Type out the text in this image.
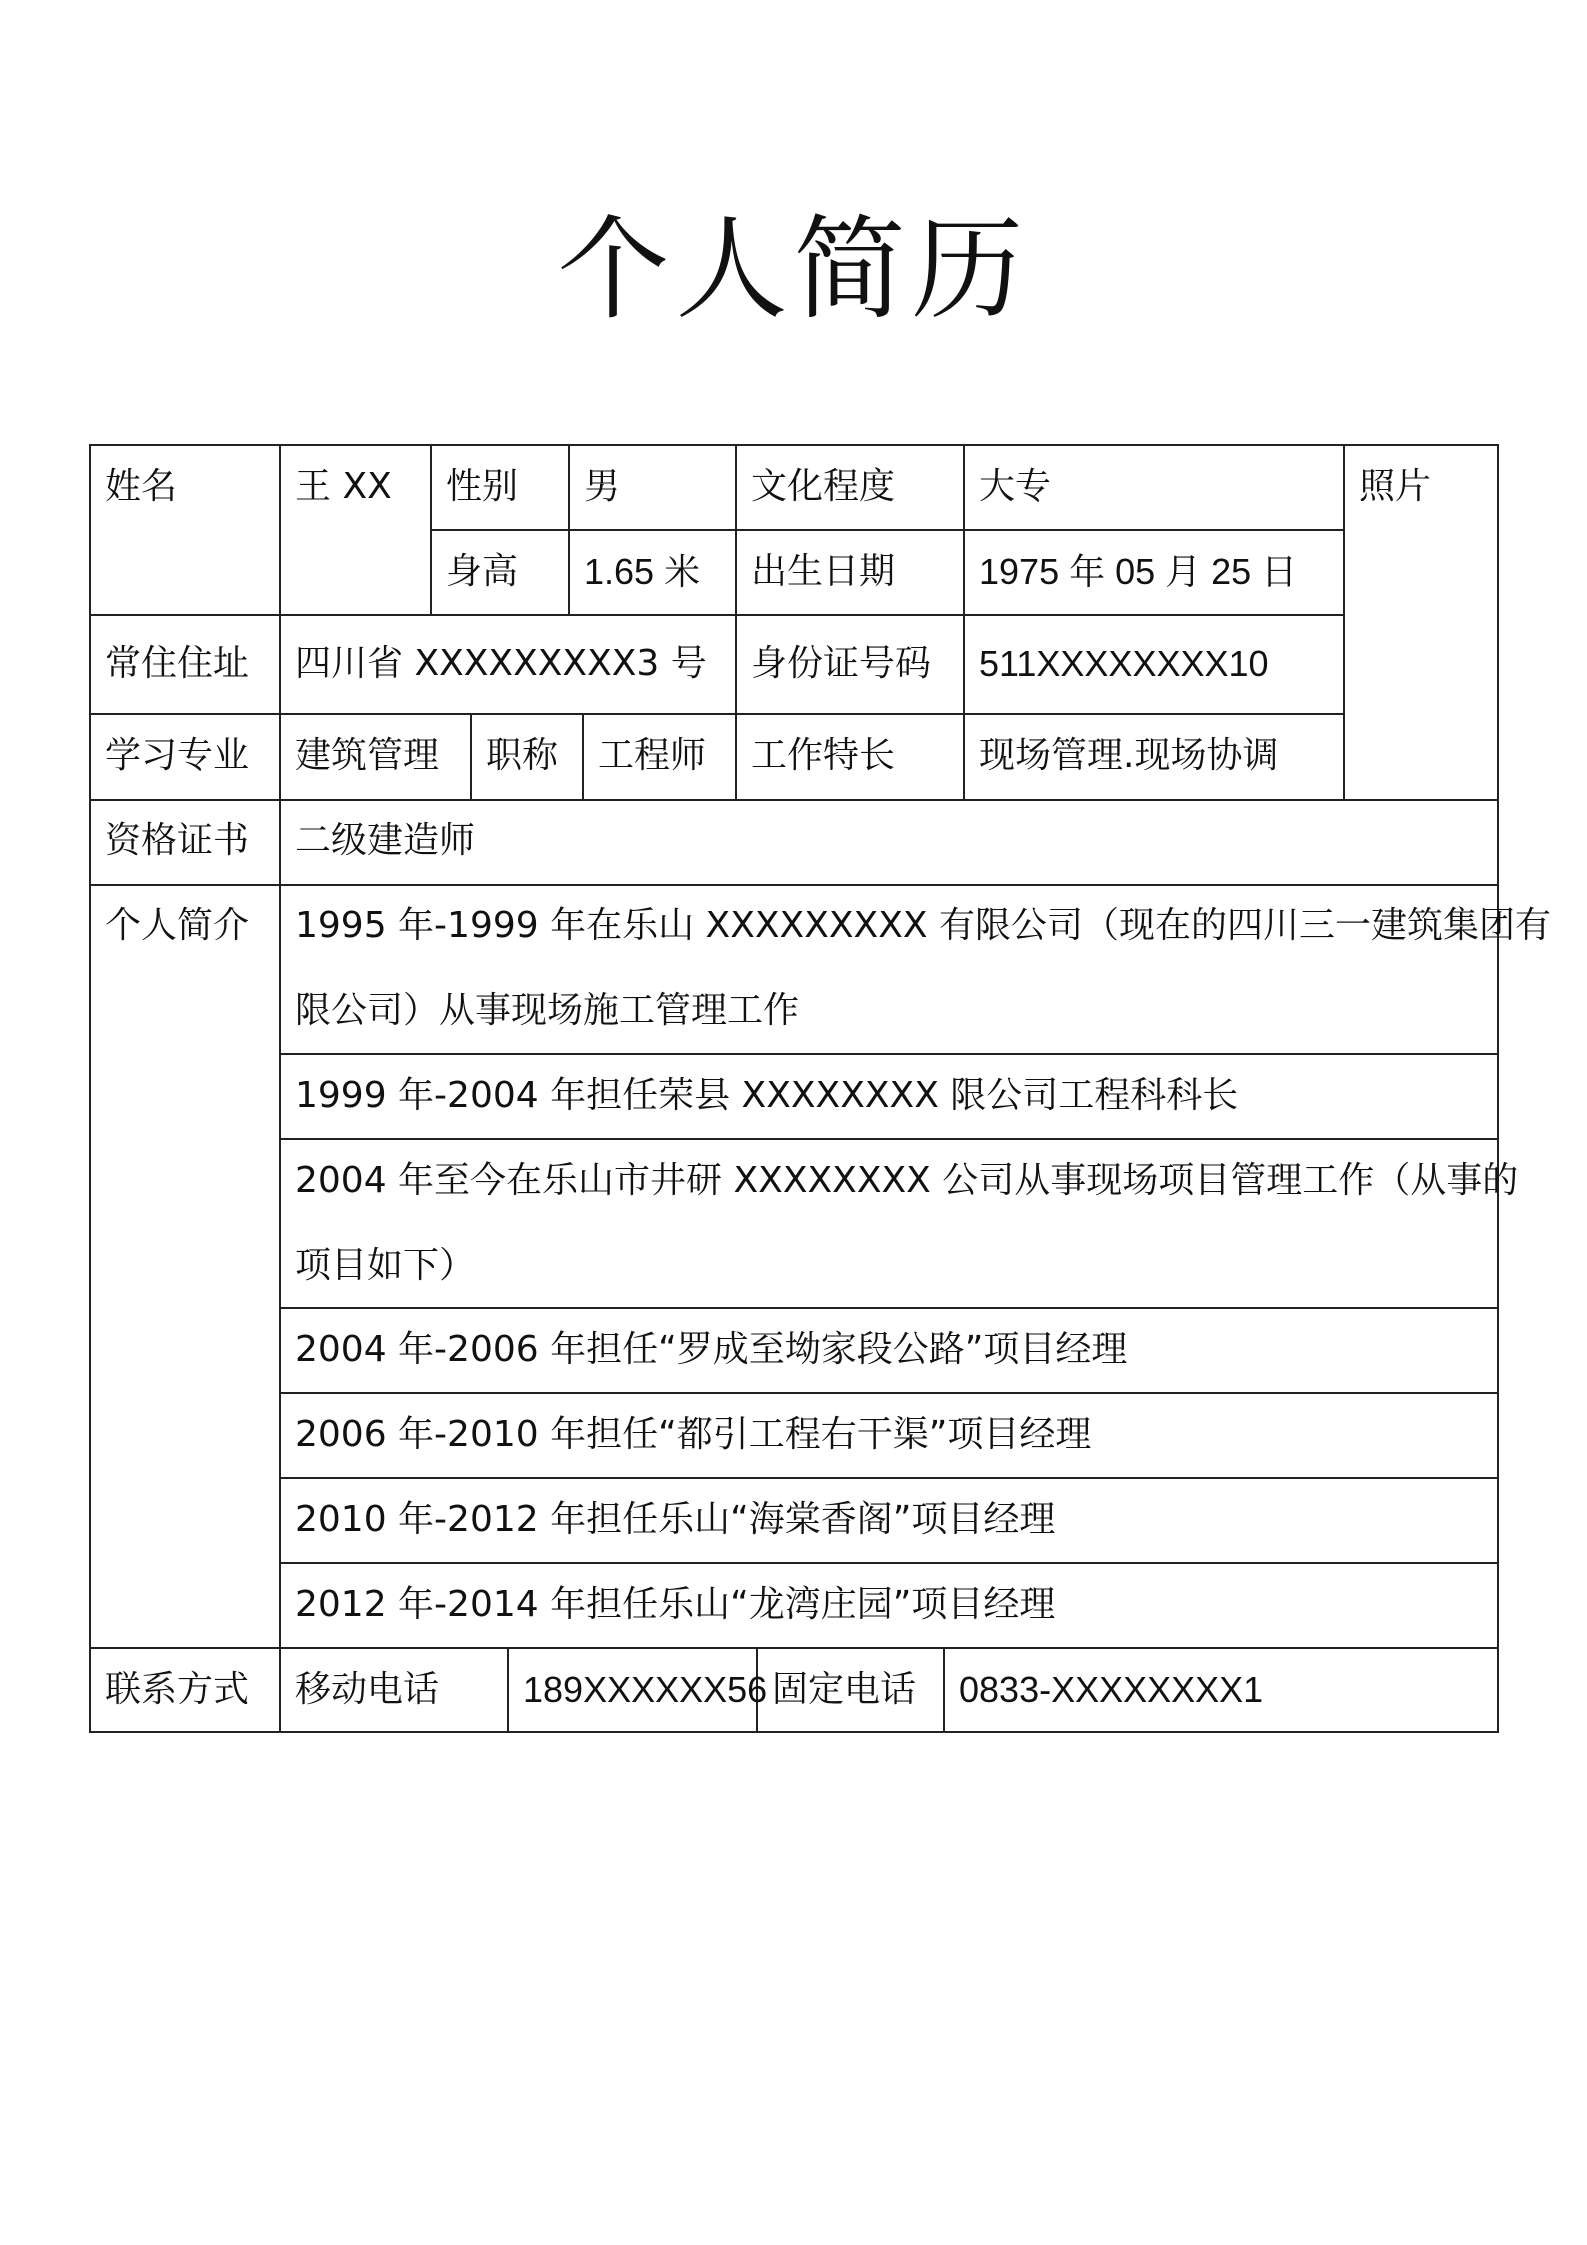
个人简历
姓名	王 XX 性别 男	文化程度 大专	照片
身高 1.65 米 出生日期 1975 年 05 月 25 日
常住住址 四川省 XXXXXXXXX3 号 身份证号码 511XXXXXXXX10
学习专业 建筑管理 职称 工程师 工作特长 现场管理.现场协调
资格证书 二级建造师
个人简介 1995 年-1999 年在乐山 XXXXXXXXX 有限公司（现在的四川三一建筑集团有
限公司）从事现场施工管理工作
1999 年-2004 年担任荣县 XXXXXXXX 限公司工程科科长
2004 年至今在乐山市井研 XXXXXXXX 公司从事现场项目管理工作（从事的
项目如下）
2004 年-2006 年担任“罗成至坳家段公路”项目经理
2006 年-2010 年担任“都引工程右干渠”项目经理
2010 年-2012 年担任乐山“海棠香阁”项目经理
2012 年-2014 年担任乐山“龙湾庄园”项目经理
联系方式 移动电话 189XXXXXX56 固定电话 0833-XXXXXXXX1
